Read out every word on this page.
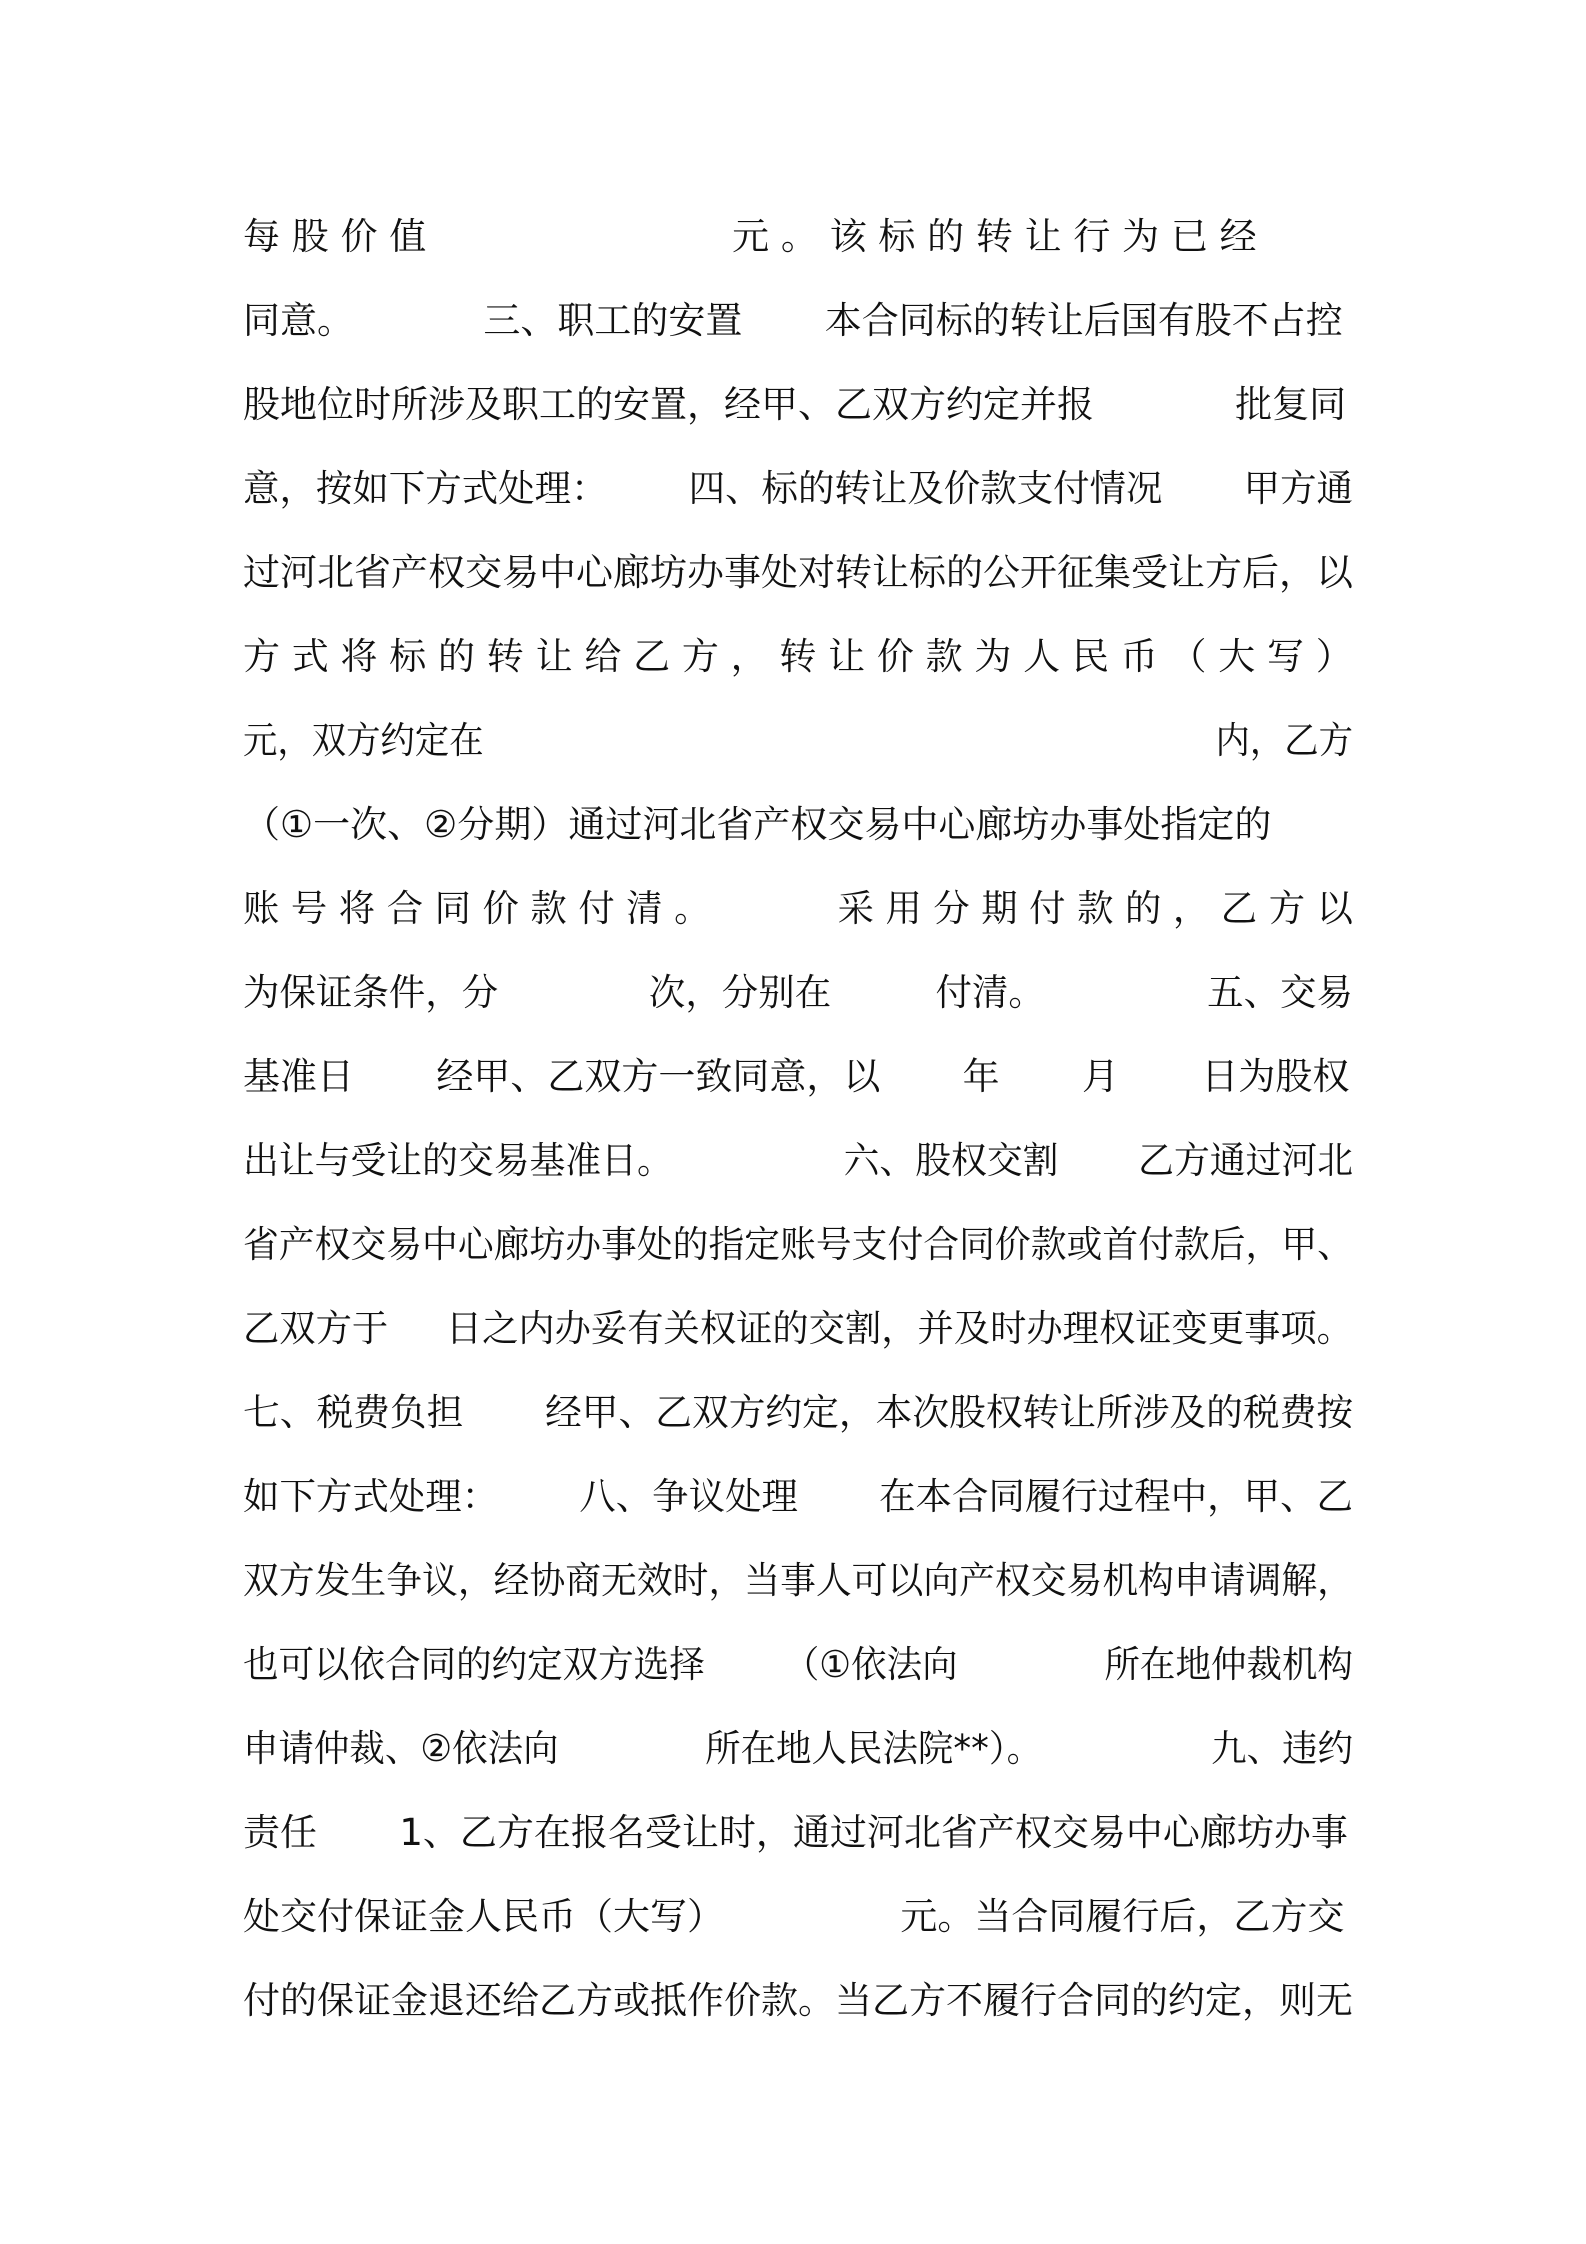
每 股 价 值                          元 。 该 标 的 转 让 行 为 已 经
同意。           三、职工的安置       本合同标的转让后国有股不占控
股地位时所涉及职工的安置，经甲、乙双方约定并报            批复同
意，按如下方式处理：       四、标的转让及价款支付情况       甲方通
过河北省产权交易中心廊坊办事处对转让标的公开征集受让方后，以
方 式 将 标 的 转 让 给 乙 方 ， 转 让 价 款 为 人 民 币 （ 大 写 ）
元，双方约定在                                                                   内，乙方
（①一次、②分期）通过河北省产权交易中心廊坊办事处指定的
账 号 将 合 同 价 款 付 清 。           采 用 分 期 付 款 的 ， 乙 方 以
为保证条件，分             次，分别在         付清。              五、交易
基准日       经甲、乙双方一致同意，以       年       月       日为股权
出让与受让的交易基准日。               六、股权交割       乙方通过河北
省产权交易中心廊坊办事处的指定账号支付合同价款或首付款后，甲、
乙双方于     日之内办妥有关权证的交割，并及时办理权证变更事项。
七、税费负担       经甲、乙双方约定，本次股权转让所涉及的税费按
如下方式处理：       八、争议处理       在本合同履行过程中，甲、乙
双方发生争议，经协商无效时，当事人可以向产权交易机构申请调解，
也可以依合同的约定双方选择       （①依法向             所在地仲裁机构
申请仲裁、②依法向             所在地人民法院**）。               九、违约
责任       1、乙方在报名受让时，通过河北省产权交易中心廊坊办事
处交付保证金人民币（大写）               元。当合同履行后，乙方交
付的保证金退还给乙方或抵作价款。当乙方不履行合同的约定，则无
